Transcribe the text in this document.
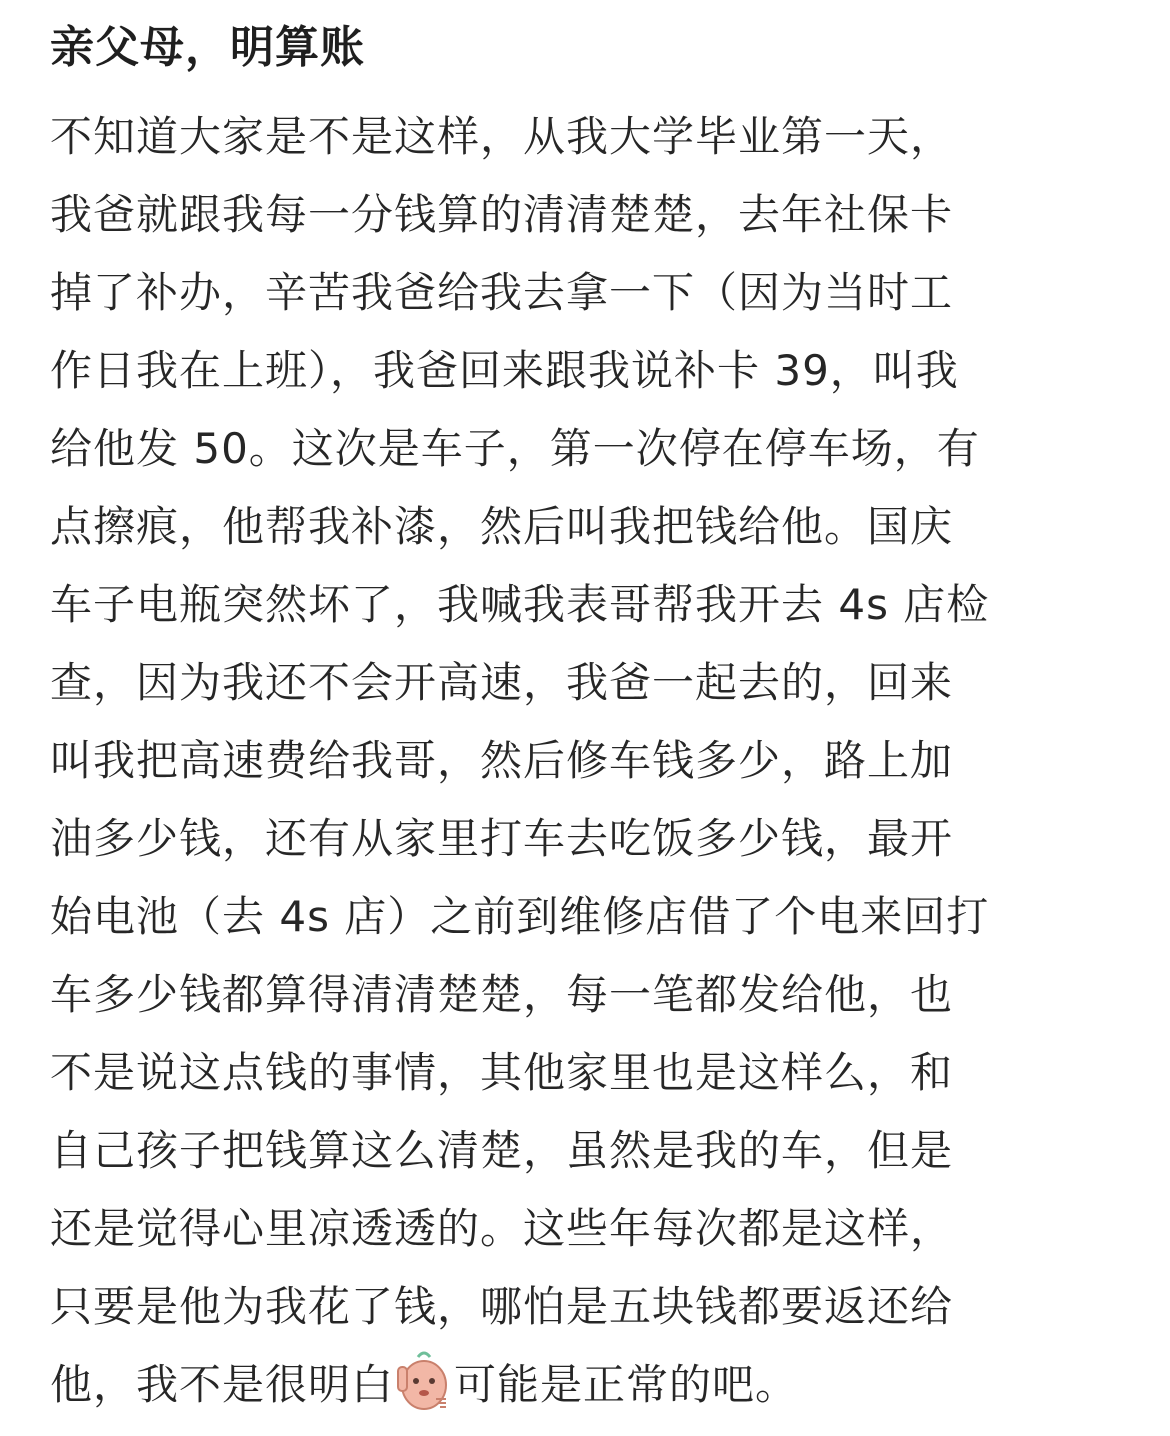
亲父母，明算账
不知道大家是不是这样，从我大学毕业第一天，
我爸就跟我每一分钱算的清清楚楚，去年社保卡
掉了补办，辛苦我爸给我去拿一下（因为当时工
作日我在上班），我爸回来跟我说补卡 39，叫我
给他发 50。这次是车子，第一次停在停车场，有
点擦痕，他帮我补漆，然后叫我把钱给他。国庆
车子电瓶突然坏了，我喊我表哥帮我开去 4s 店检
查，因为我还不会开高速，我爸一起去的，回来
叫我把高速费给我哥，然后修车钱多少，路上加
油多少钱，还有从家里打车去吃饭多少钱，最开
始电池（去 4s 店）之前到维修店借了个电来回打
车多少钱都算得清清楚楚，每一笔都发给他，也
不是说这点钱的事情，其他家里也是这样么，和
自己孩子把钱算这么清楚，虽然是我的车，但是
还是觉得心里凉透透的。这些年每次都是这样，
只要是他为我花了钱，哪怕是五块钱都要返还给
他，我不是很明白 可能是正常的吧。
